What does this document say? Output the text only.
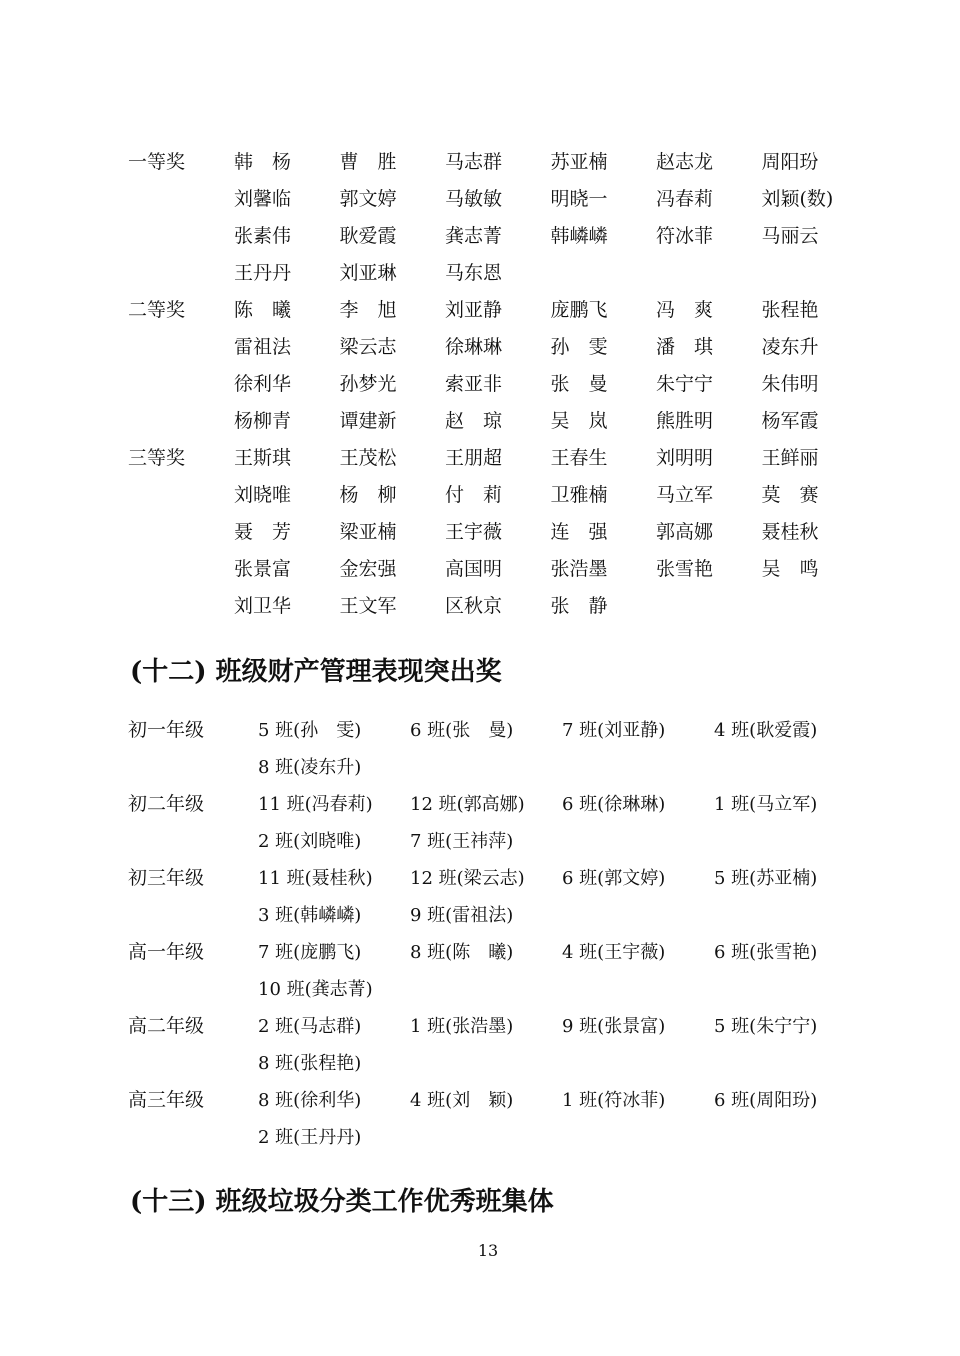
一等奖	韩　杨	曹　胜	马志群	苏亚楠	赵志龙	周阳玢
刘馨临	郭文婷	马敏敏	明晓一	冯春莉	刘颖(数)
张素伟	耿爱霞	龚志菁	韩嶙嶙	符冰菲	马丽云
王丹丹	刘亚琳	马东恩
二等奖	陈　曦	李　旭	刘亚静	庞鹏飞	冯　爽	张程艳
雷祖法	梁云志	徐琳琳	孙　雯	潘　琪	凌东升
徐利华	孙梦光	索亚非	张　曼	朱宁宁	朱伟明
杨柳青	谭建新	赵　琼	吴　岚	熊胜明	杨军霞
三等奖	王斯琪	王茂松	王朋超	王春生	刘明明	王鲜丽
刘晓唯	杨　柳	付　莉	卫雅楠	马立军	莫　赛
聂　芳	梁亚楠	王宇薇	连　强	郭高娜	聂桂秋
张景富	金宏强	高国明	张浩墨	张雪艳	吴　鸣
刘卫华	王文军	区秋京	张　静
(十二) 班级财产管理表现突出奖
初一年级	5 班(孙　雯)	6 班(张　曼)	7 班(刘亚静)	4 班(耿爱霞)
8 班(凌东升)
初二年级	11 班(冯春莉)	12 班(郭高娜)	6 班(徐琳琳)	1 班(马立军)
2 班(刘晓唯)	7 班(王祎萍)
初三年级	11 班(聂桂秋)	12 班(梁云志)	6 班(郭文婷)	5 班(苏亚楠)
3 班(韩嶙嶙)	9 班(雷祖法)
高一年级	7 班(庞鹏飞)	8 班(陈　曦)	4 班(王宇薇)	6 班(张雪艳)
10 班(龚志菁)
高二年级	2 班(马志群)	1 班(张浩墨)	9 班(张景富)	5 班(朱宁宁)
8 班(张程艳)
高三年级	8 班(徐利华)	4 班(刘　颖)	1 班(符冰菲)	6 班(周阳玢)
2 班(王丹丹)
(十三) 班级垃圾分类工作优秀班集体
13
